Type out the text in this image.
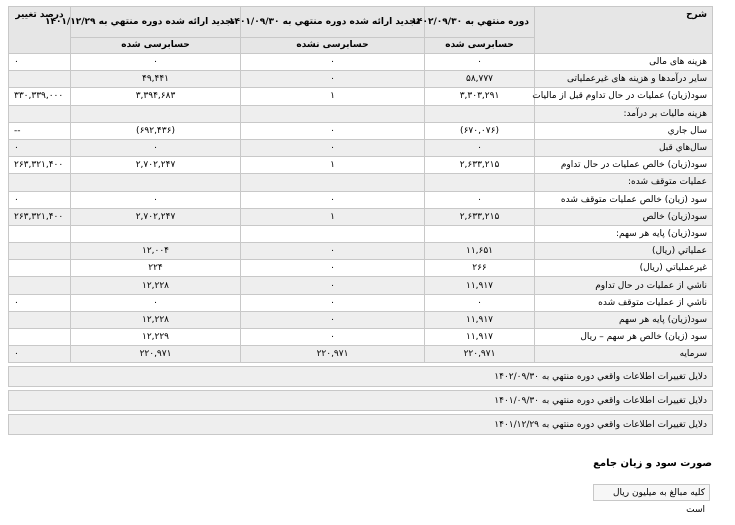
شرح	دوره منتهي به ۱۴۰۲/۰۹/۳۰	تجدید ارائه شده دوره منتهي به ۱۴۰۱/۰۹/۳۰	تجدید ارائه شده دوره منتهي به ۱۴۰۱/۱۲/۲۹	درصد تغییر
	حسابرسی شده	حسابرسی نشده	حسابرسی شده	
هزینه های مالی	۰	۰	۰	۰
سایر درآمدها و هزینه های غیرعملیاتی	۵۸,۷۷۷	۰	۴۹,۴۴۱	
سود(زیان) عملیات در حال تداوم قبل از مالیات	۳,۳۰۳,۲۹۱	۱	۳,۳۹۴,۶۸۳	۳۳۰,۳۳۹,۰۰۰
هزینه مالیات بر درآمد:				
سال جاري	(۶۷۰,۰۷۶)	۰	(۶۹۲,۴۳۶)	--
سال‌هاي قبل	۰	۰	۰	۰
سود(زیان) خالص عملیات در حال تداوم	۲,۶۳۳,۲۱۵	۱	۲,۷۰۲,۲۴۷	۲۶۳,۳۲۱,۴۰۰
عملیات متوقف شده:				
سود (زیان) خالص عملیات متوقف شده	۰	۰	۰	۰
سود(زیان) خالص	۲,۶۳۳,۲۱۵	۱	۲,۷۰۲,۲۴۷	۲۶۳,۳۲۱,۴۰۰
سود(زیان) پایه هر سهم:				
عملیاتي (ریال)	۱۱,۶۵۱	۰	۱۲,۰۰۴	
غیرعملیاتي (ریال)	۲۶۶	۰	۲۲۴	
ناشي از عملیات در حال تداوم	۱۱,۹۱۷	۰	۱۲,۲۲۸	
ناشي از عملیات متوقف شده	۰	۰	۰	۰
سود(زیان) پایه هر سهم	۱۱,۹۱۷	۰	۱۲,۲۲۸	
سود (زیان) خالص هر سهم – ریال	۱۱,۹۱۷	۰	۱۲,۲۲۹	
سرمایه	۲۲۰,۹۷۱	۲۲۰,۹۷۱	۲۲۰,۹۷۱	۰

دلایل تغییرات اطلاعات واقعي دوره منتهي به ۱۴۰۲/۰۹/۳۰				

دلایل تغییرات اطلاعات واقعي دوره منتهي به ۱۴۰۱/۰۹/۳۰				

دلایل تغییرات اطلاعات واقعي دوره منتهي به ۱۴۰۱/۱۲/۲۹				
صورت سود و زیان جامع
کلیه مبالغ به میلیون ریال است
